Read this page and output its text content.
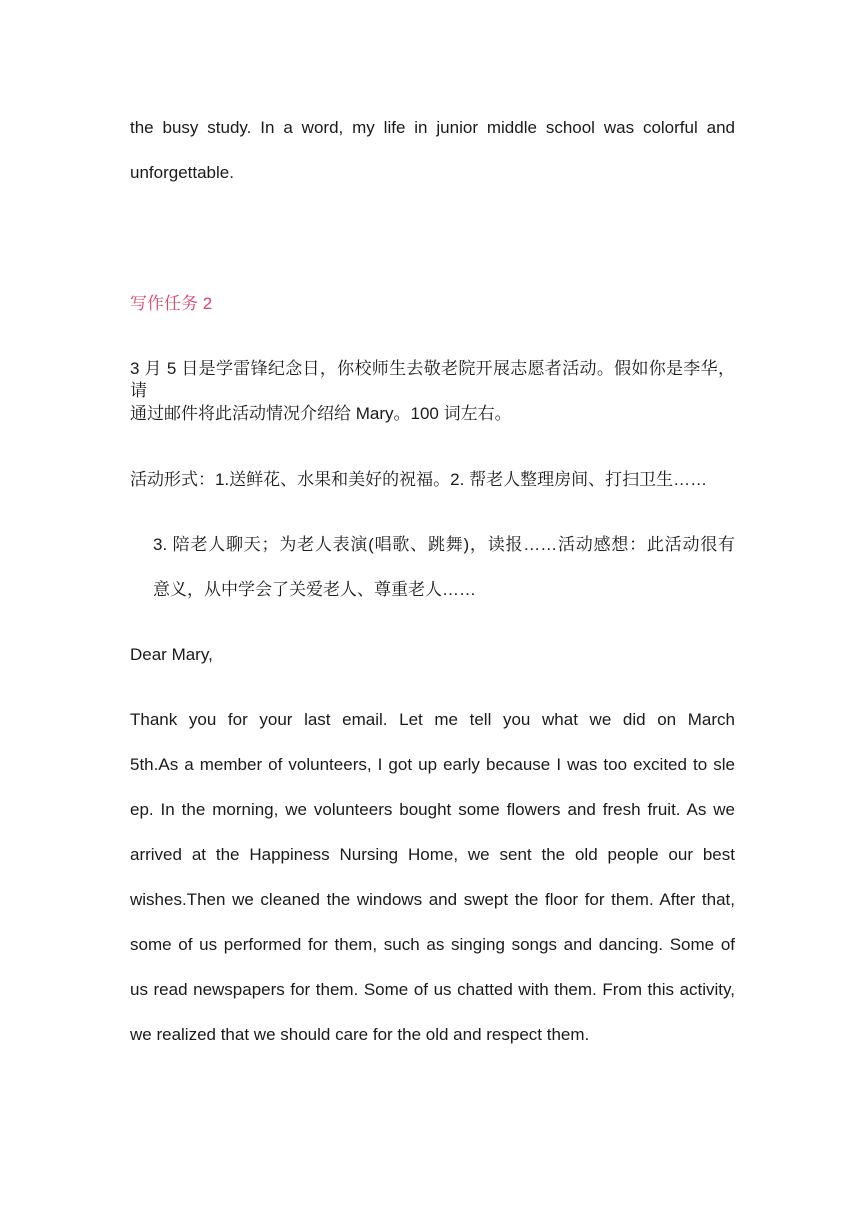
the busy study. In a word, my life in junior middle school was colorful and
unforgettable.
写作任务 2
3 月 5 日是学雷锋纪念日，你校师生去敬老院开展志愿者活动。假如你是李华，请
通过邮件将此活动情况介绍给 Mary。100 词左右。
活动形式：1.送鲜花、水果和美好的祝福。2. 帮老人整理房间、打扫卫生……
3. 陪老人聊天；为老人表演(唱歌、跳舞)，读报……活动感想：此活动很有
意义，从中学会了关爱老人、尊重老人……
Dear Mary,
Thank you for your last email. Let me tell you what we did on March
5th.As a member of volunteers, I got up early because I was too excited to sle
ep. In the morning, we volunteers bought some flowers and fresh fruit. As we
arrived at the Happiness Nursing Home, we sent the old people our best
wishes.Then we cleaned the windows and swept the floor for them. After that,
some of us performed for them, such as singing songs and dancing. Some of
us read newspapers for them. Some of us chatted with them. From this activity,
we realized that we should care for the old and respect them.
